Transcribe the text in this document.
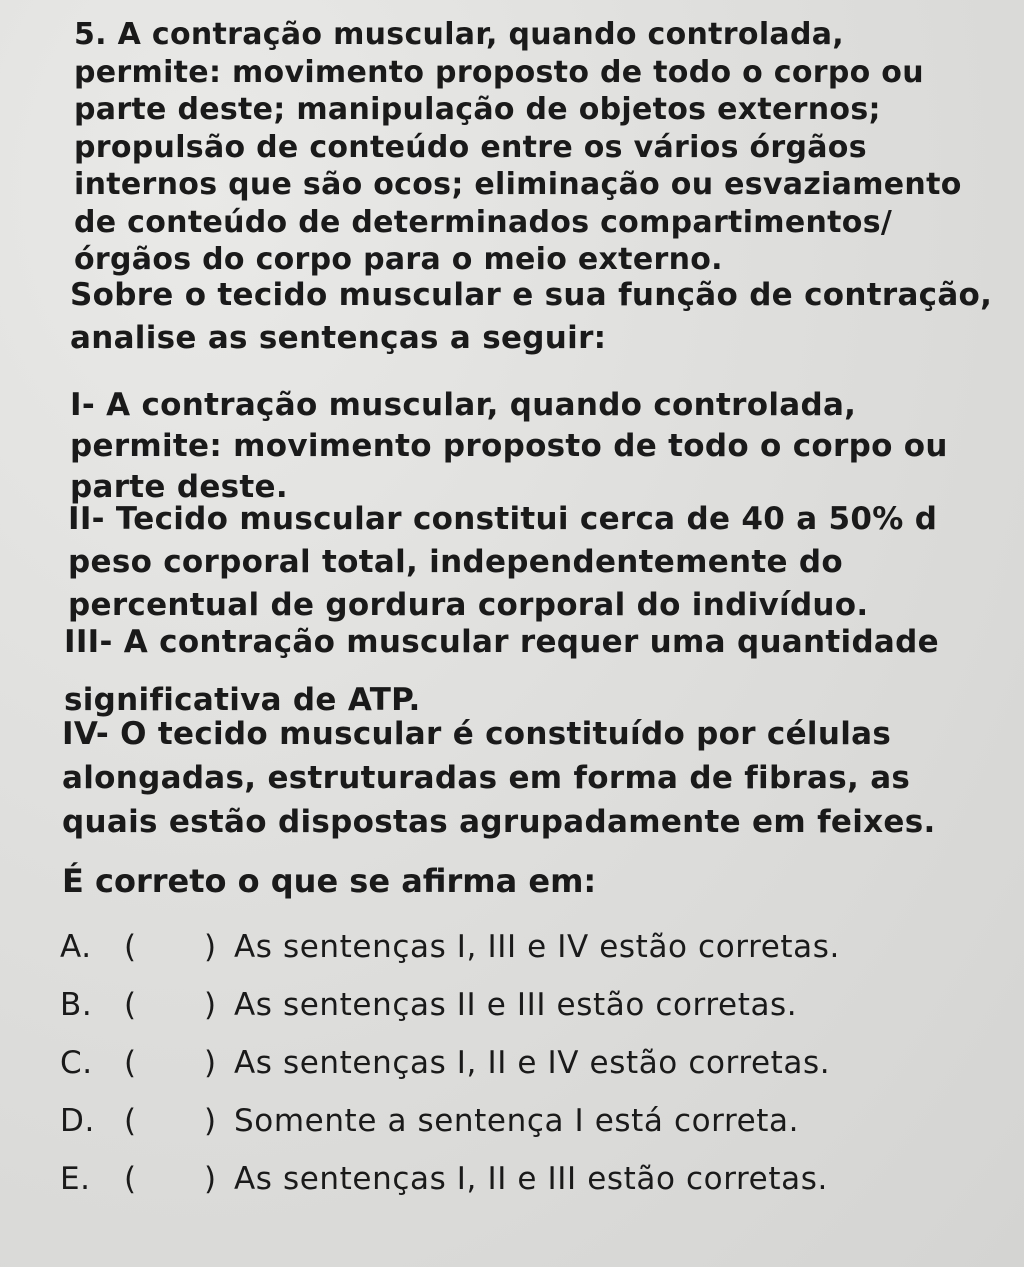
5. A contração muscular, quando controlada,
permite: movimento proposto de todo o corpo ou
parte deste; manipulação de objetos externos;
propulsão de conteúdo entre os vários órgãos
internos que são ocos; eliminação ou esvaziamento
de conteúdo de determinados compartimentos/
órgãos do corpo para o meio externo.
Sobre o tecido muscular e sua função de contração,
analise as sentenças a seguir:
I- A contração muscular, quando controlada,
permite: movimento proposto de todo o corpo ou
parte deste.
II- Tecido muscular constitui cerca de 40 a 50% d
peso corporal total, independentemente do
percentual de gordura corporal do indivíduo.
III- A contração muscular requer uma quantidade
significativa de ATP.
IV- O tecido muscular é constituído por células
alongadas, estruturadas em forma de fibras, as
quais estão dispostas agrupadamente em feixes.
É correto o que se afirma em:
A.	(	) As sentenças I, III e IV estão corretas.
B.	(	) As sentenças II e III estão corretas.
C.	(	) As sentenças I, II e IV estão corretas.
D. (	) Somente a sentença I está correta.
E.	(	) As sentenças I, II e III estão corretas.
